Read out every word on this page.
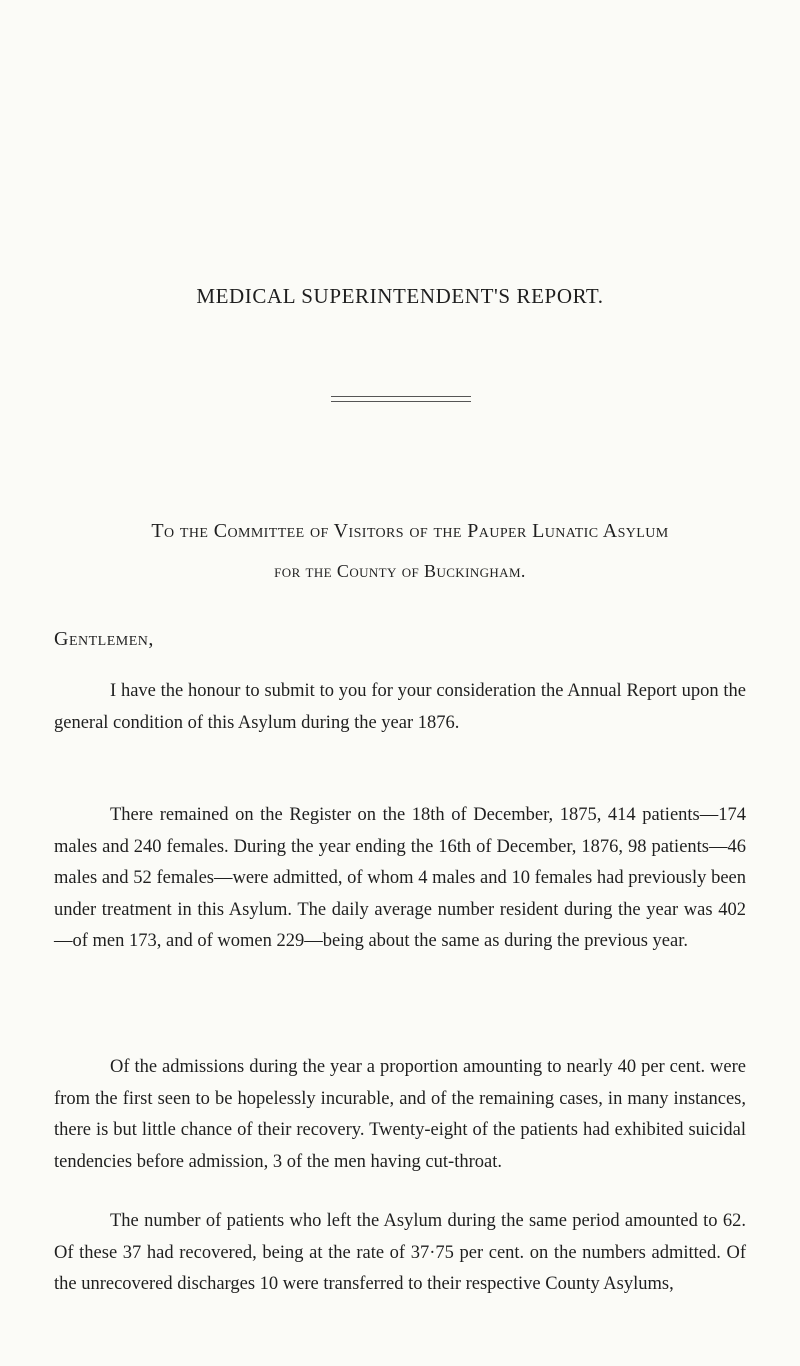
MEDICAL SUPERINTENDENT'S REPORT.

To the Committee of Visitors of the Pauper Lunatic Asylum

for the County of Buckingham.

Gentlemen,

I have the honour to submit to you for your consideration the Annual Report upon the general condition of this Asylum during the year 1876.

There remained on the Register on the 18th of December, 1875, 414 patients—174 males and 240 females. During the year ending the 16th of December, 1876, 98 patients—46 males and 52 females—were admitted, of whom 4 males and 10 females had previously been under treatment in this Asylum. The daily average number resident during the year was 402—of men 173, and of women 229—being about the same as during the previous year.

Of the admissions during the year a proportion amounting to nearly 40 per cent. were from the first seen to be hopelessly incurable, and of the remaining cases, in many instances, there is but little chance of their recovery. Twenty-eight of the patients had exhibited suicidal tendencies before admission, 3 of the men having cut-throat.

The number of patients who left the Asylum during the same period amounted to 62. Of these 37 had recovered, being at the rate of 37·75 per cent. on the numbers admitted. Of the unrecovered discharges 10 were transferred to their respective County Asylums,
